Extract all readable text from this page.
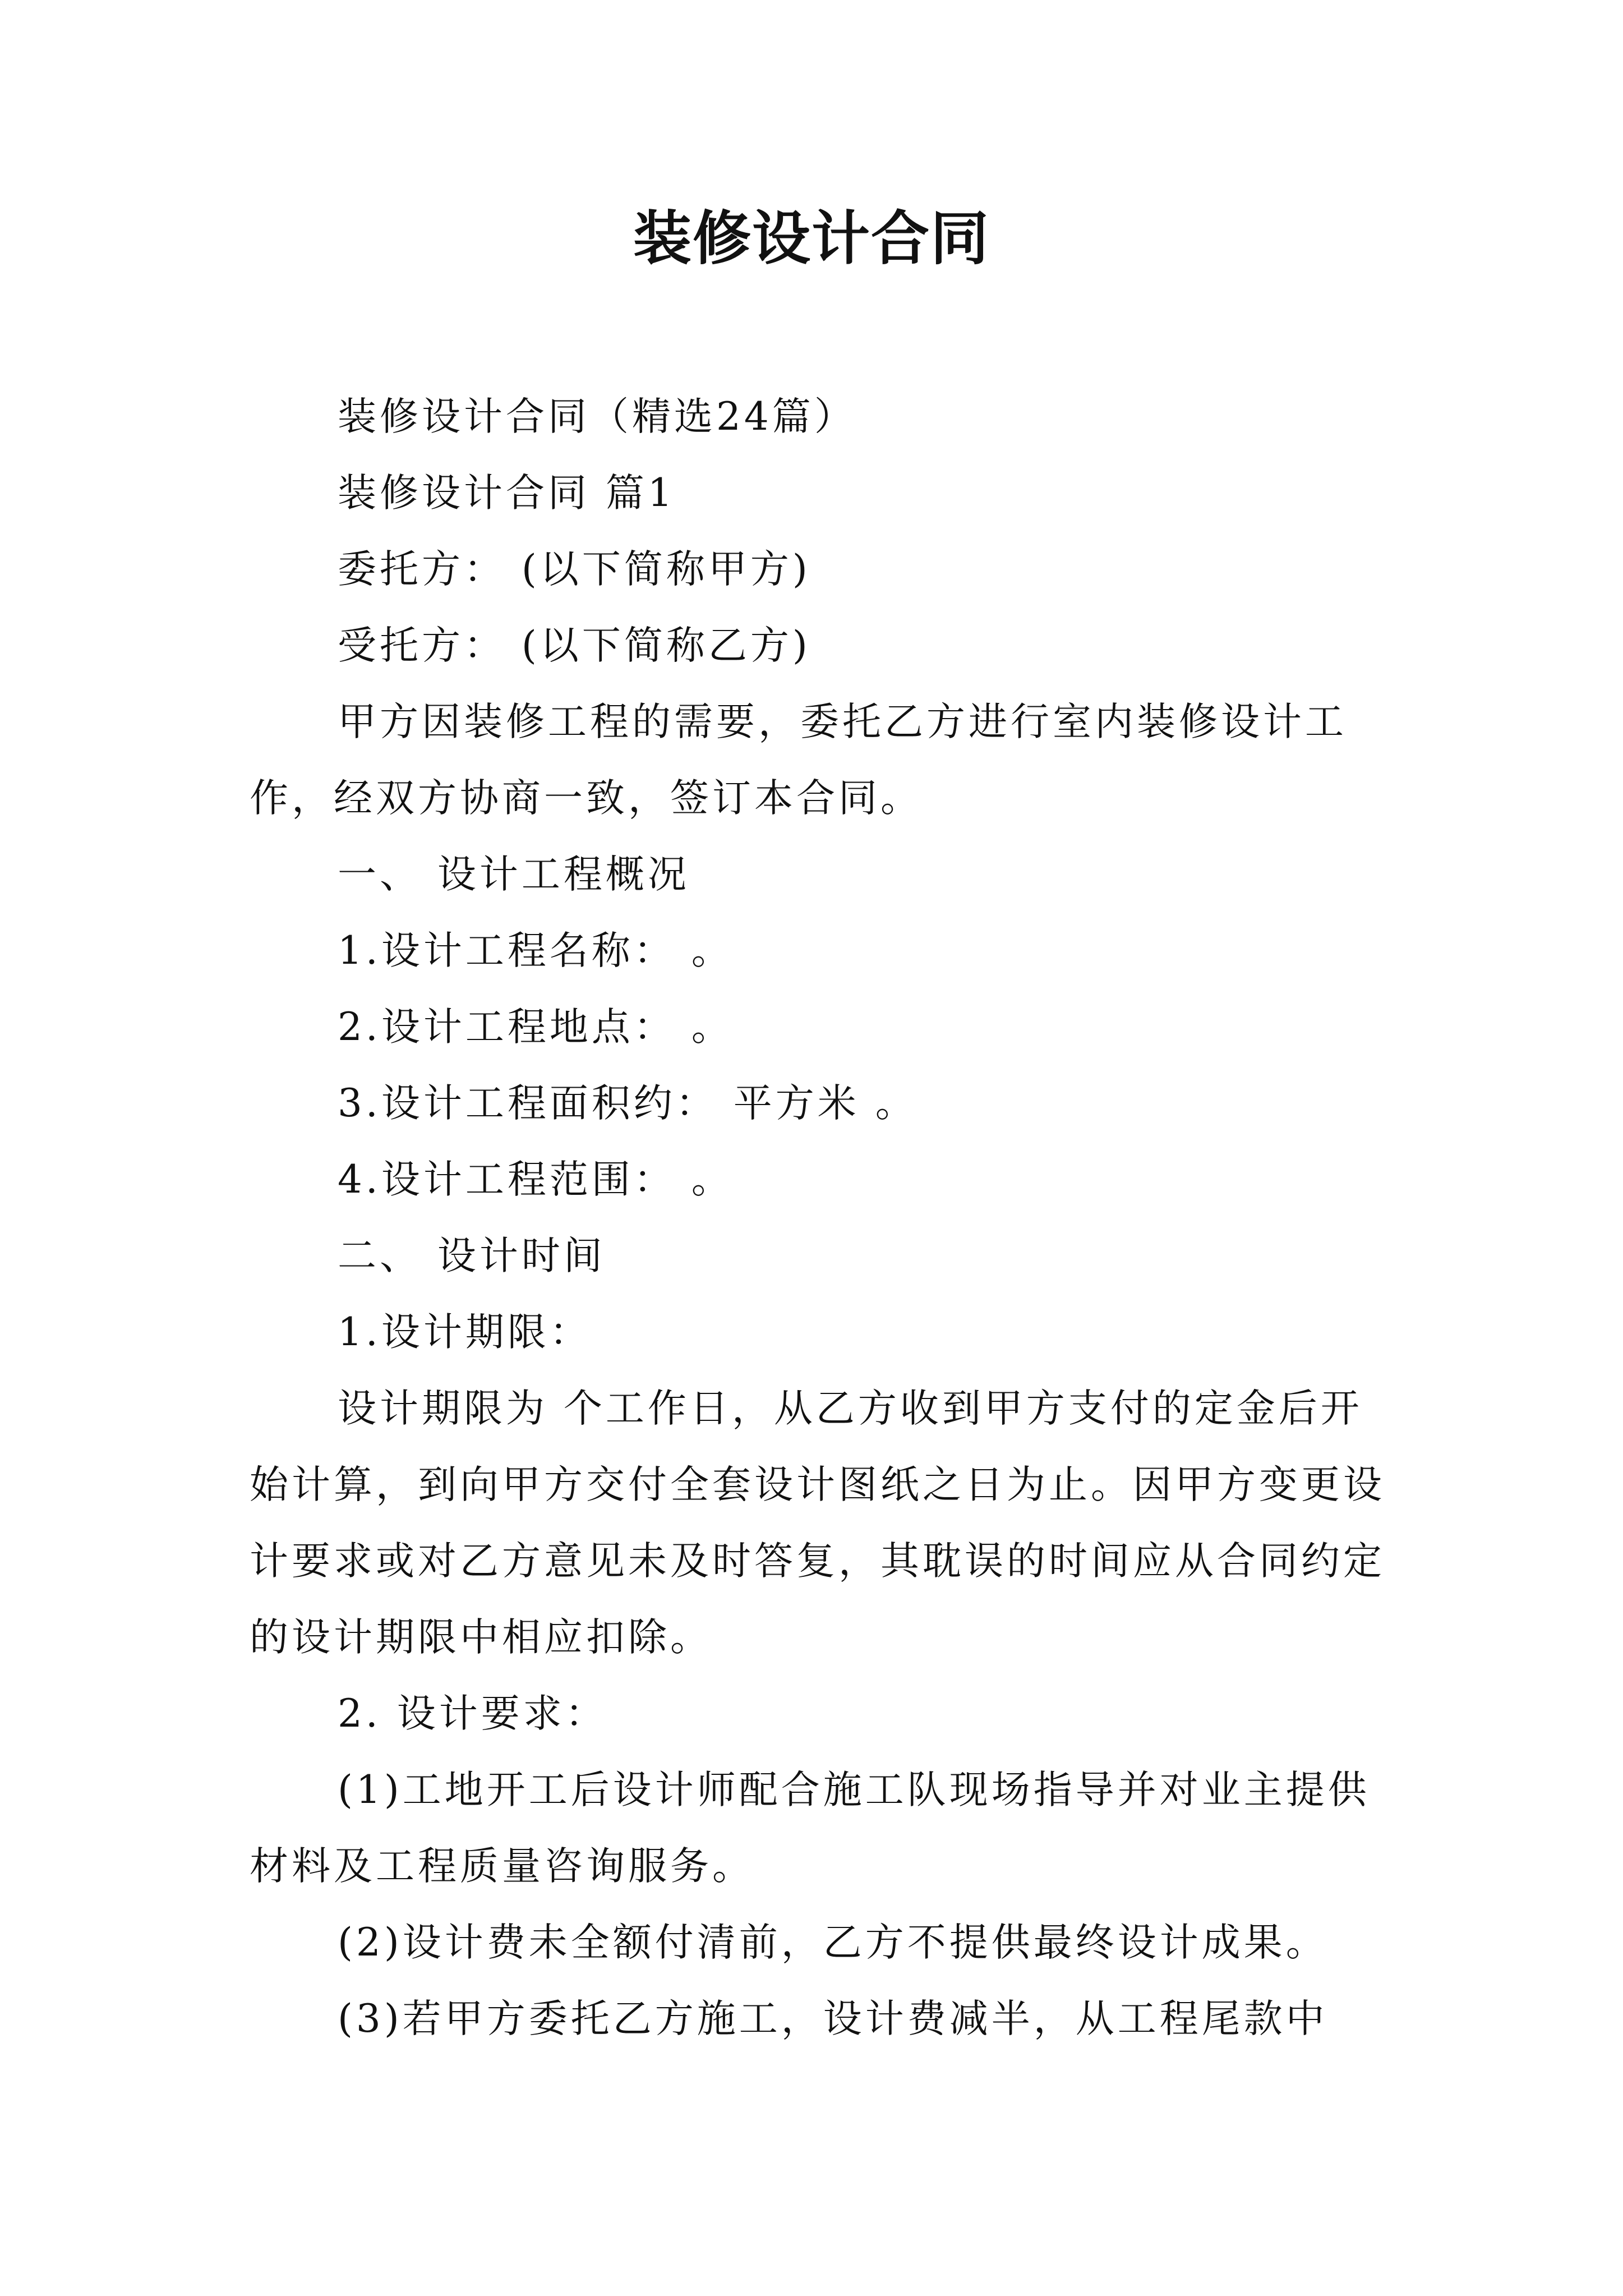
装修设计合同

装修设计合同（精选24篇）

装修设计合同 篇1

委托方： (以下简称甲方)

受托方： (以下简称乙方)

甲方因装修工程的需要，委托乙方进行室内装修设计工作，经双方协商一致，签订本合同。

一、 设计工程概况

1.设计工程名称： 。

2.设计工程地点： 。

3.设计工程面积约： 平方米 。

4.设计工程范围： 。

二、 设计时间

1.设计期限：

设计期限为 个工作日，从乙方收到甲方支付的定金后开始计算，到向甲方交付全套设计图纸之日为止。因甲方变更设计要求或对乙方意见未及时答复，其耽误的时间应从合同约定的设计期限中相应扣除。

2. 设计要求：

(1)工地开工后设计师配合施工队现场指导并对业主提供材料及工程质量咨询服务。

(2)设计费未全额付清前，乙方不提供最终设计成果。

(3)若甲方委托乙方施工，设计费减半，从工程尾款中
